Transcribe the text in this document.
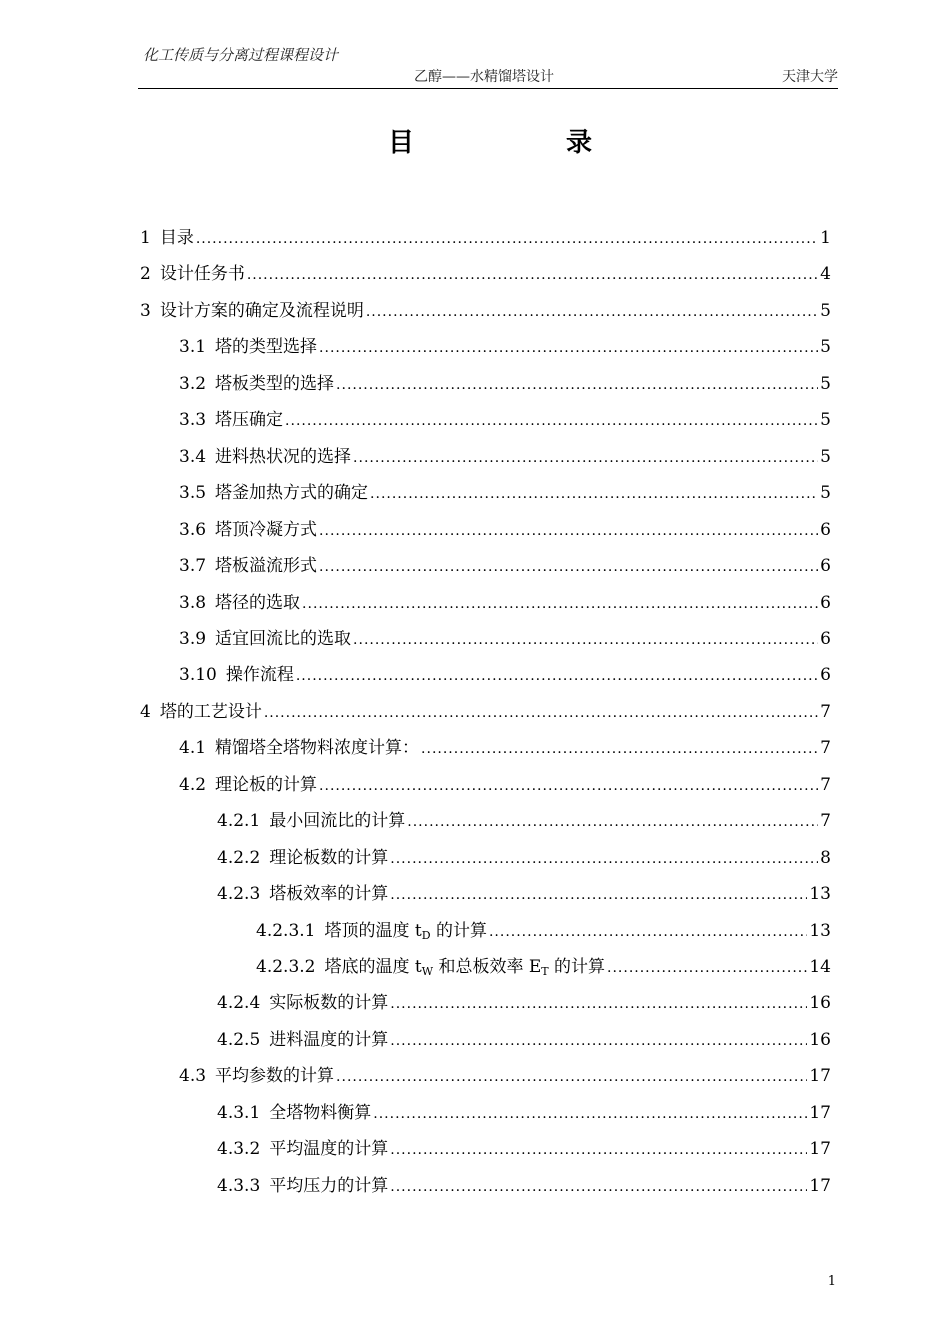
化工传质与分离过程课程设计
乙醇——水精馏塔设计	天津大学
目	录
1 目录 .....	1
2 设计任务书 .....	4
3 设计方案的确定及流程说明 .....	5
3.1 塔的类型选择 .....	5
3.2 塔板类型的选择 .....	5
3.3 塔压确定 .....	5
3.4 进料热状况的选择 .....	5
3.5 塔釜加热方式的确定 .....	5
3.6 塔顶冷凝方式 .....	6
3.7 塔板溢流形式 .....	6
3.8 塔径的选取 .....	6
3.9 适宜回流比的选取 .....	6
3.10 操作流程 .....	6
4 塔的工艺设计 .....	7
4.1 精馏塔全塔物料浓度计算： .....	7
4.2 理论板的计算 .....	7
4.2.1 最小回流比的计算 .....	7
4.2.2 理论板数的计算 .....	8
4.2.3 塔板效率的计算 .....	13
4.2.3.1 塔顶的温度 $t_D$ 的计算 .....	13
4.2.3.2 塔底的温度 $t_W$ 和总板效率 $E_T$ 的计算 .....	14
4.2.4 实际板数的计算 .....	16
4.2.5 进料温度的计算 .....	16
4.3 平均参数的计算 .....	17
4.3.1 全塔物料衡算 .....	17
4.3.2 平均温度的计算 .....	17
4.3.3 平均压力的计算 .....	17
1
